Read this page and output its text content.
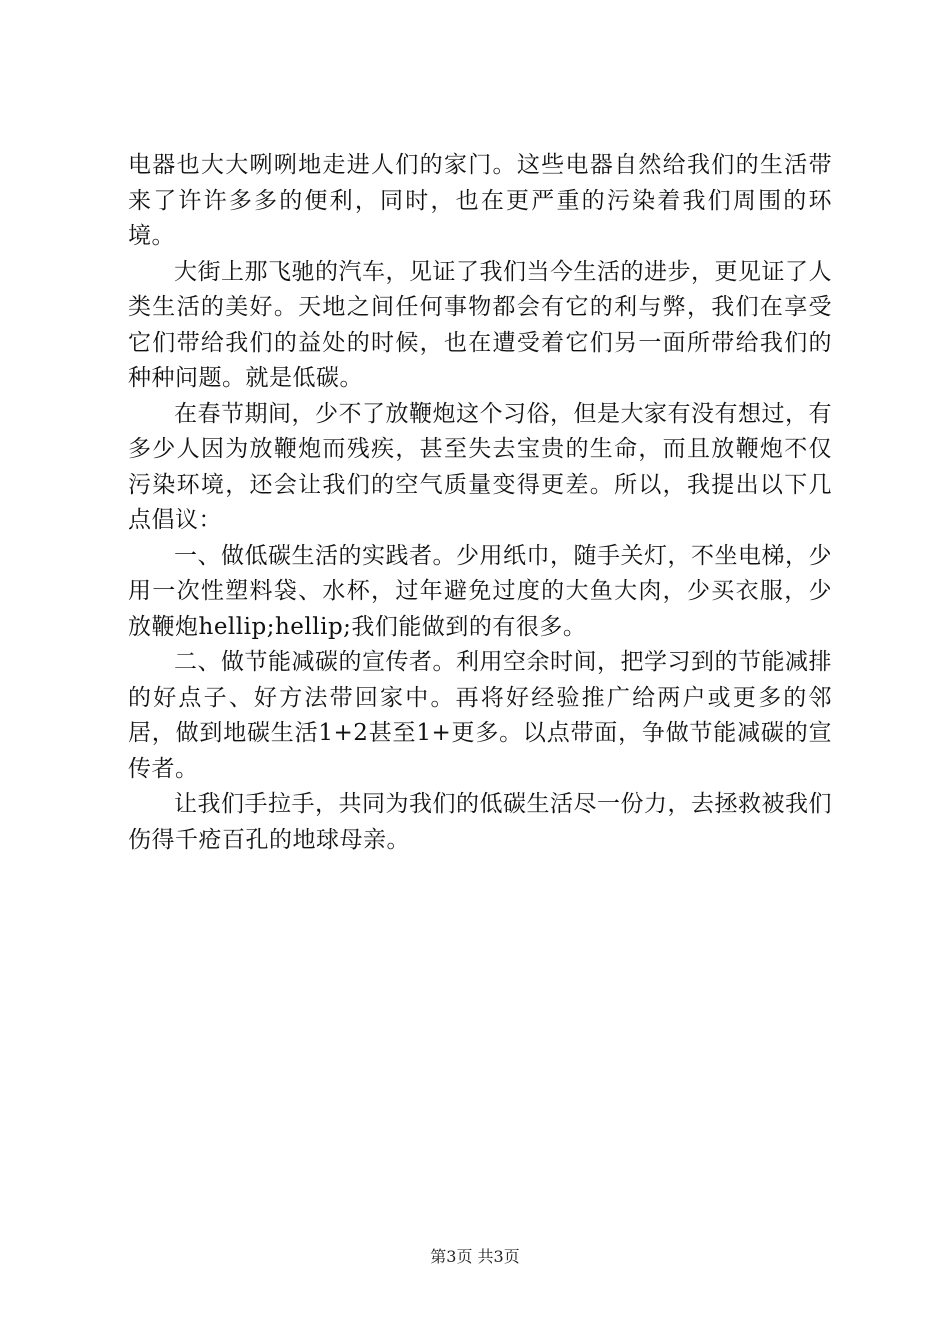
电器也大大咧咧地走进人们的家门。这些电器自然给我们的生活带来了许许多多的便利，同时，也在更严重的污染着我们周围的环境。

大街上那飞驰的汽车，见证了我们当今生活的进步，更见证了人类生活的美好。天地之间任何事物都会有它的利与弊，我们在享受它们带给我们的益处的时候，也在遭受着它们另一面所带给我们的种种问题。就是低碳。

在春节期间，少不了放鞭炮这个习俗，但是大家有没有想过，有多少人因为放鞭炮而残疾，甚至失去宝贵的生命，而且放鞭炮不仅污染环境，还会让我们的空气质量变得更差。所以，我提出以下几点倡议：

一、做低碳生活的实践者。少用纸巾，随手关灯，不坐电梯，少用一次性塑料袋、水杯，过年避免过度的大鱼大肉，少买衣服，少放鞭炮hellip;hellip;我们能做到的有很多。

二、做节能减碳的宣传者。利用空余时间，把学习到的节能减排的好点子、好方法带回家中。再将好经验推广给两户或更多的邻居，做到地碳生活1+2甚至1+更多。以点带面，争做节能减碳的宣传者。

让我们手拉手，共同为我们的低碳生活尽一份力，去拯救被我们伤得千疮百孔的地球母亲。

第3页 共3页
